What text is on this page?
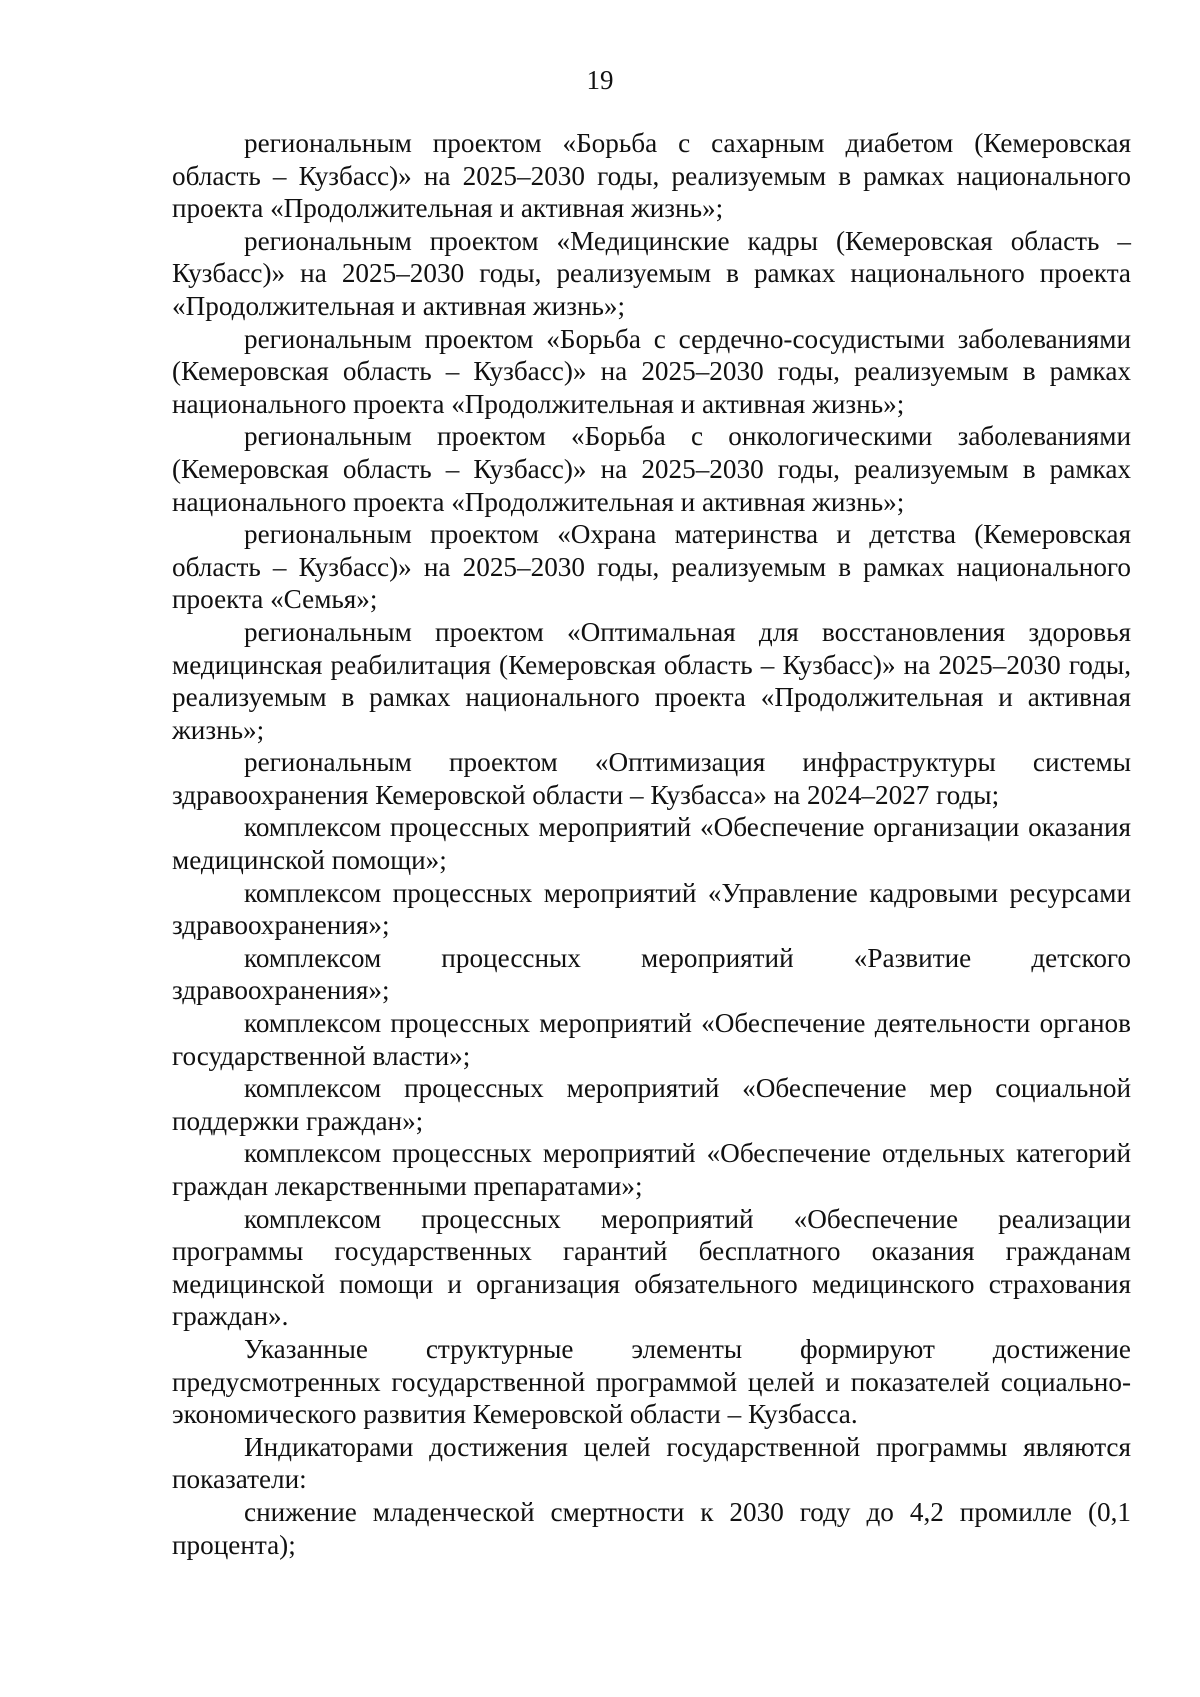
19

региональным проектом «Борьба с сахарным диабетом (Кемеровская область – Кузбасс)» на 2025–2030 годы, реализуемым в рамках национального проекта «Продолжительная и активная жизнь»;

региональным проектом «Медицинские кадры (Кемеровская область – Кузбасс)» на 2025–2030 годы, реализуемым в рамках национального проекта «Продолжительная и активная жизнь»;

региональным проектом «Борьба с сердечно-сосудистыми заболеваниями (Кемеровская область – Кузбасс)» на 2025–2030 годы, реализуемым в рамках национального проекта «Продолжительная и активная жизнь»;

региональным проектом «Борьба с онкологическими заболеваниями (Кемеровская область – Кузбасс)» на 2025–2030 годы, реализуемым в рамках национального проекта «Продолжительная и активная жизнь»;

региональным проектом «Охрана материнства и детства (Кемеровская область – Кузбасс)» на 2025–2030 годы, реализуемым в рамках национального проекта «Семья»;

региональным проектом «Оптимальная для восстановления здоровья медицинская реабилитация (Кемеровская область – Кузбасс)» на 2025–2030 годы, реализуемым в рамках национального проекта «Продолжительная и активная жизнь»;

региональным проектом «Оптимизация инфраструктуры системы здравоохранения Кемеровской области – Кузбасса» на 2024–2027 годы;

комплексом процессных мероприятий «Обеспечение организации оказания медицинской помощи»;

комплексом процессных мероприятий «Управление кадровыми ресурсами здравоохранения»;

комплексом процессных мероприятий «Развитие детского здравоохранения»;

комплексом процессных мероприятий «Обеспечение деятельности органов государственной власти»;

комплексом процессных мероприятий «Обеспечение мер социальной поддержки граждан»;

комплексом процессных мероприятий «Обеспечение отдельных категорий граждан лекарственными препаратами»;

комплексом процессных мероприятий «Обеспечение реализации программы государственных гарантий бесплатного оказания гражданам медицинской помощи и организация обязательного медицинского страхования граждан».

Указанные структурные элементы формируют достижение предусмотренных государственной программой целей и показателей социально-экономического развития Кемеровской области – Кузбасса.

Индикаторами достижения целей государственной программы являются показатели:

снижение младенческой смертности к 2030 году до 4,2 промилле (0,1 процента);
